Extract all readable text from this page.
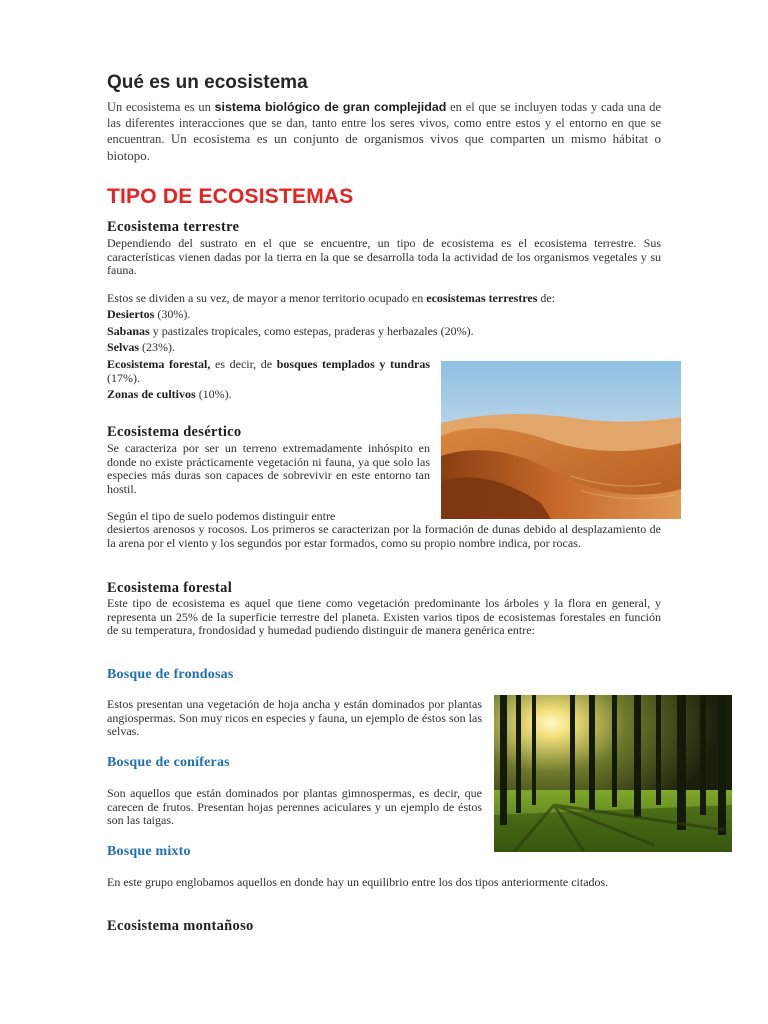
Qué es un ecosistema

Un ecosistema es un sistema biológico de gran complejidad en el que se incluyen todas y cada una de las diferentes interacciones que se dan, tanto entre los seres vivos, como entre estos y el entorno en que se encuentran. Un ecosistema es un conjunto de organismos vivos que comparten un mismo hábitat o biotopo.

TIPO DE ECOSISTEMAS
Ecosistema terrestre

Dependiendo del sustrato en el que se encuentre, un tipo de ecosistema es el ecosistema terrestre. Sus características vienen dadas por la tierra en la que se desarrolla toda la actividad de los organismos vegetales y su fauna.

Estos se dividen a su vez, de mayor a menor territorio ocupado en ecosistemas terrestres de:

Desiertos (30%).

Sabanas y pastizales tropicales, como estepas, praderas y herbazales (20%).

Selvas (23%).

Ecosistema forestal, es decir, de bosques templados y tundras (17%).

Zonas de cultivos (10%).

Ecosistema desértico

Se caracteriza por ser un terreno extremadamente inhóspito en donde no existe prácticamente vegetación ni fauna, ya que solo las especies más duras son capaces de sobrevivir en este entorno tan hostil.

Según el tipo de suelo podemos distinguir entre

desiertos arenosos y rocosos. Los primeros se caracterizan por la formación de dunas debido al desplazamiento de la arena por el viento y los segundos por estar formados, como su propio nombre indica, por rocas.

Ecosistema forestal

Este tipo de ecosistema es aquel que tiene como vegetación predominante los árboles y la flora en general, y representa un 25% de la superficie terrestre del planeta. Existen varios tipos de ecosistemas forestales en función de su temperatura, frondosidad y humedad pudiendo distinguir de manera genérica entre:

Bosque de frondosas

Estos presentan una vegetación de hoja ancha y están dominados por plantas angiospermas. Son muy ricos en especies y fauna, un ejemplo de éstos son las selvas.

Bosque de coníferas

Son aquellos que están dominados por plantas gimnospermas, es decir, que carecen de frutos. Presentan hojas perennes aciculares y un ejemplo de éstos son las taigas.

Bosque mixto

En este grupo englobamos aquellos en donde hay un equilibrio entre los dos tipos anteriormente citados.

Ecosistema montañoso
